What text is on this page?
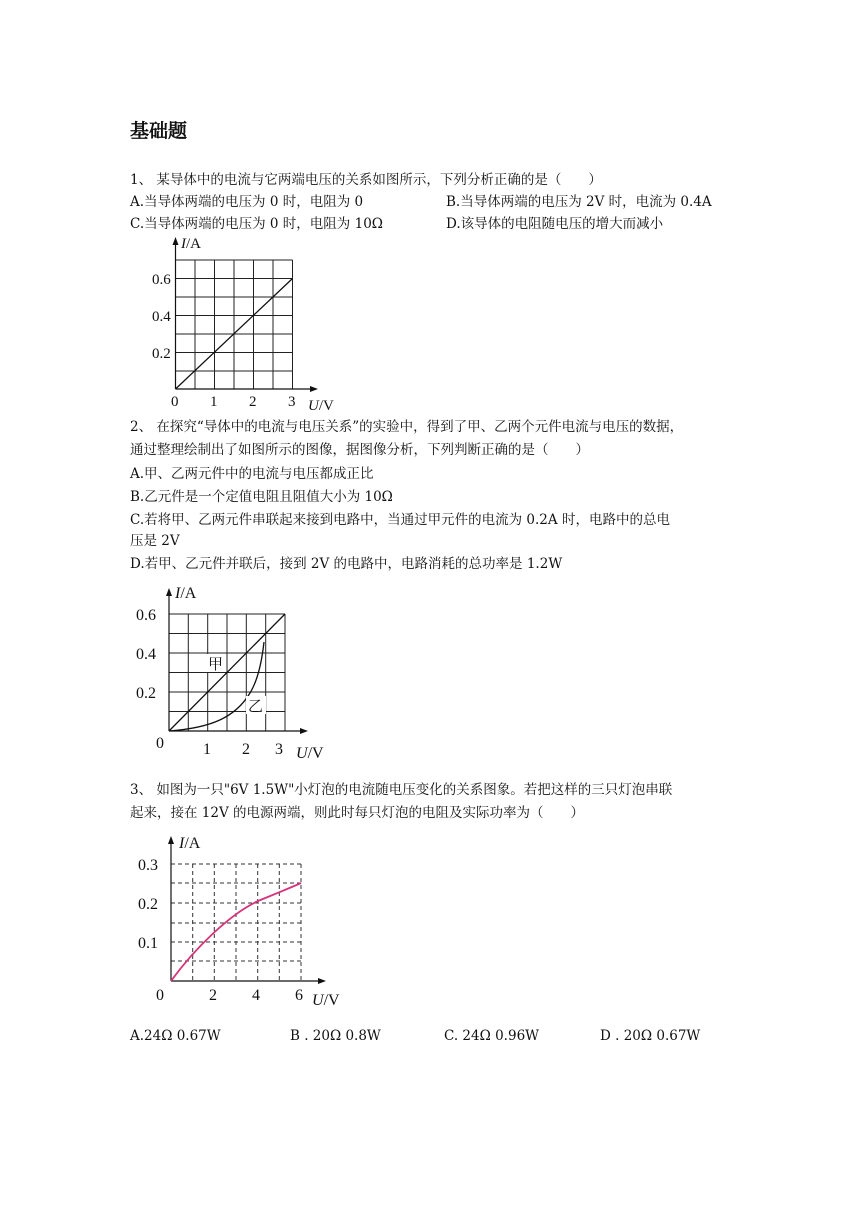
基础题
1、 某导体中的电流与它两端电压的关系如图所示，下列分析正确的是（　　）
A.当导体两端的电压为 0 时，电阻为 0	B.当导体两端的电压为 2V 时，电流为 0.4A
C.当导体两端的电压为 0 时，电阻为 10Ω	D.该导体的电阻随电压的增大而减小
I/A
0.6
0.4
0.2
0 1 2 3 U/V
2、 在探究“导体中的电流与电压关系”的实验中，得到了甲、乙两个元件电流与电压的数据，
通过整理绘制出了如图所示的图像，据图像分析，下列判断正确的是（　　）
A.甲、乙两元件中的电流与电压都成正比
B.乙元件是一个定值电阻且阻值大小为 10Ω
C.若将甲、乙两元件串联起来接到电路中，当通过甲元件的电流为 0.2A 时，电路中的总电
压是 2V
D.若甲、乙元件并联后，接到 2V 的电路中，电路消耗的总功率是 1.2W
甲
乙
I/A
0.6
0.4
0.2
0 1 2 3 U/V
3、 如图为一只"6V 1.5W"小灯泡的电流随电压变化的关系图象。若把这样的三只灯泡串联
起来，接在 12V 的电源两端，则此时每只灯泡的电阻及实际功率为（　　）
I/A
0.3
0.2
0.1
0	2 4 6 U/V
A.24Ω 0.67W	B . 20Ω 0.8W	C. 24Ω 0.96W	D . 20Ω 0.67W
